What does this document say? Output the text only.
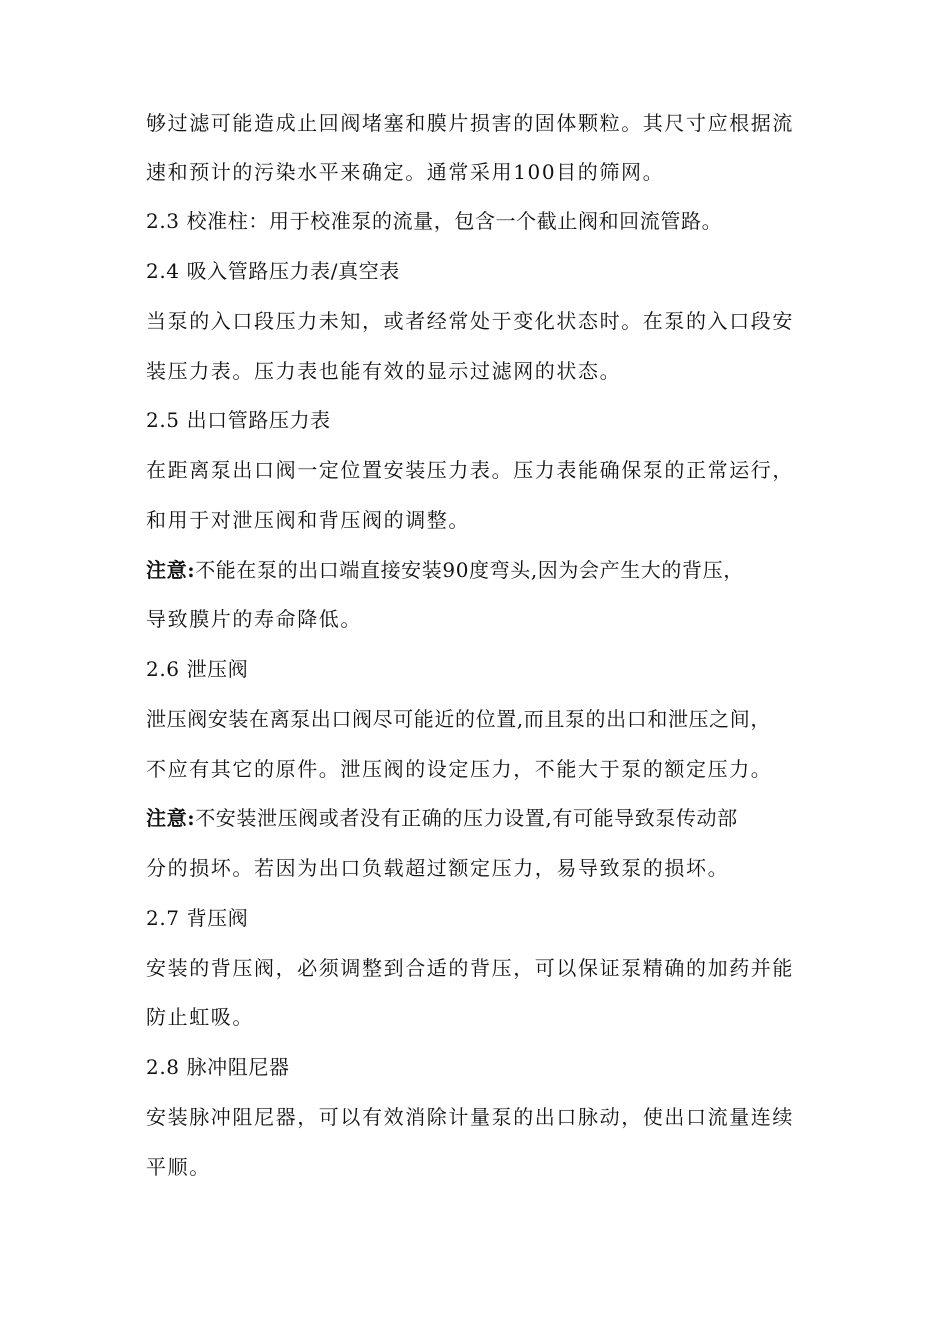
够过滤可能造成止回阀堵塞和膜片损害的固体颗粒。其尺寸应根据流
速和预计的污染水平来确定。通常采用100目的筛网。
2.3 校准柱：用于校准泵的流量，包含一个截止阀和回流管路。
2.4 吸入管路压力表/真空表
当泵的入口段压力未知，或者经常处于变化状态时。在泵的入口段安
装压力表。压力表也能有效的显示过滤网的状态。
2.5 出口管路压力表
在距离泵出口阀一定位置安装压力表。压力表能确保泵的正常运行，
和用于对泄压阀和背压阀的调整。
注意:不能在泵的出口端直接安装90度弯头,因为会产生大的背压，
导致膜片的寿命降低。
2.6 泄压阀
泄压阀安装在离泵出口阀尽可能近的位置,而且泵的出口和泄压之间，
不应有其它的原件。泄压阀的设定压力，不能大于泵的额定压力。
注意:不安装泄压阀或者没有正确的压力设置,有可能导致泵传动部
分的损坏。若因为出口负载超过额定压力，易导致泵的损坏。
2.7 背压阀
安装的背压阀，必须调整到合适的背压，可以保证泵精确的加药并能
防止虹吸。
2.8 脉冲阻尼器
安装脉冲阻尼器，可以有效消除计量泵的出口脉动，使出口流量连续
平顺。
